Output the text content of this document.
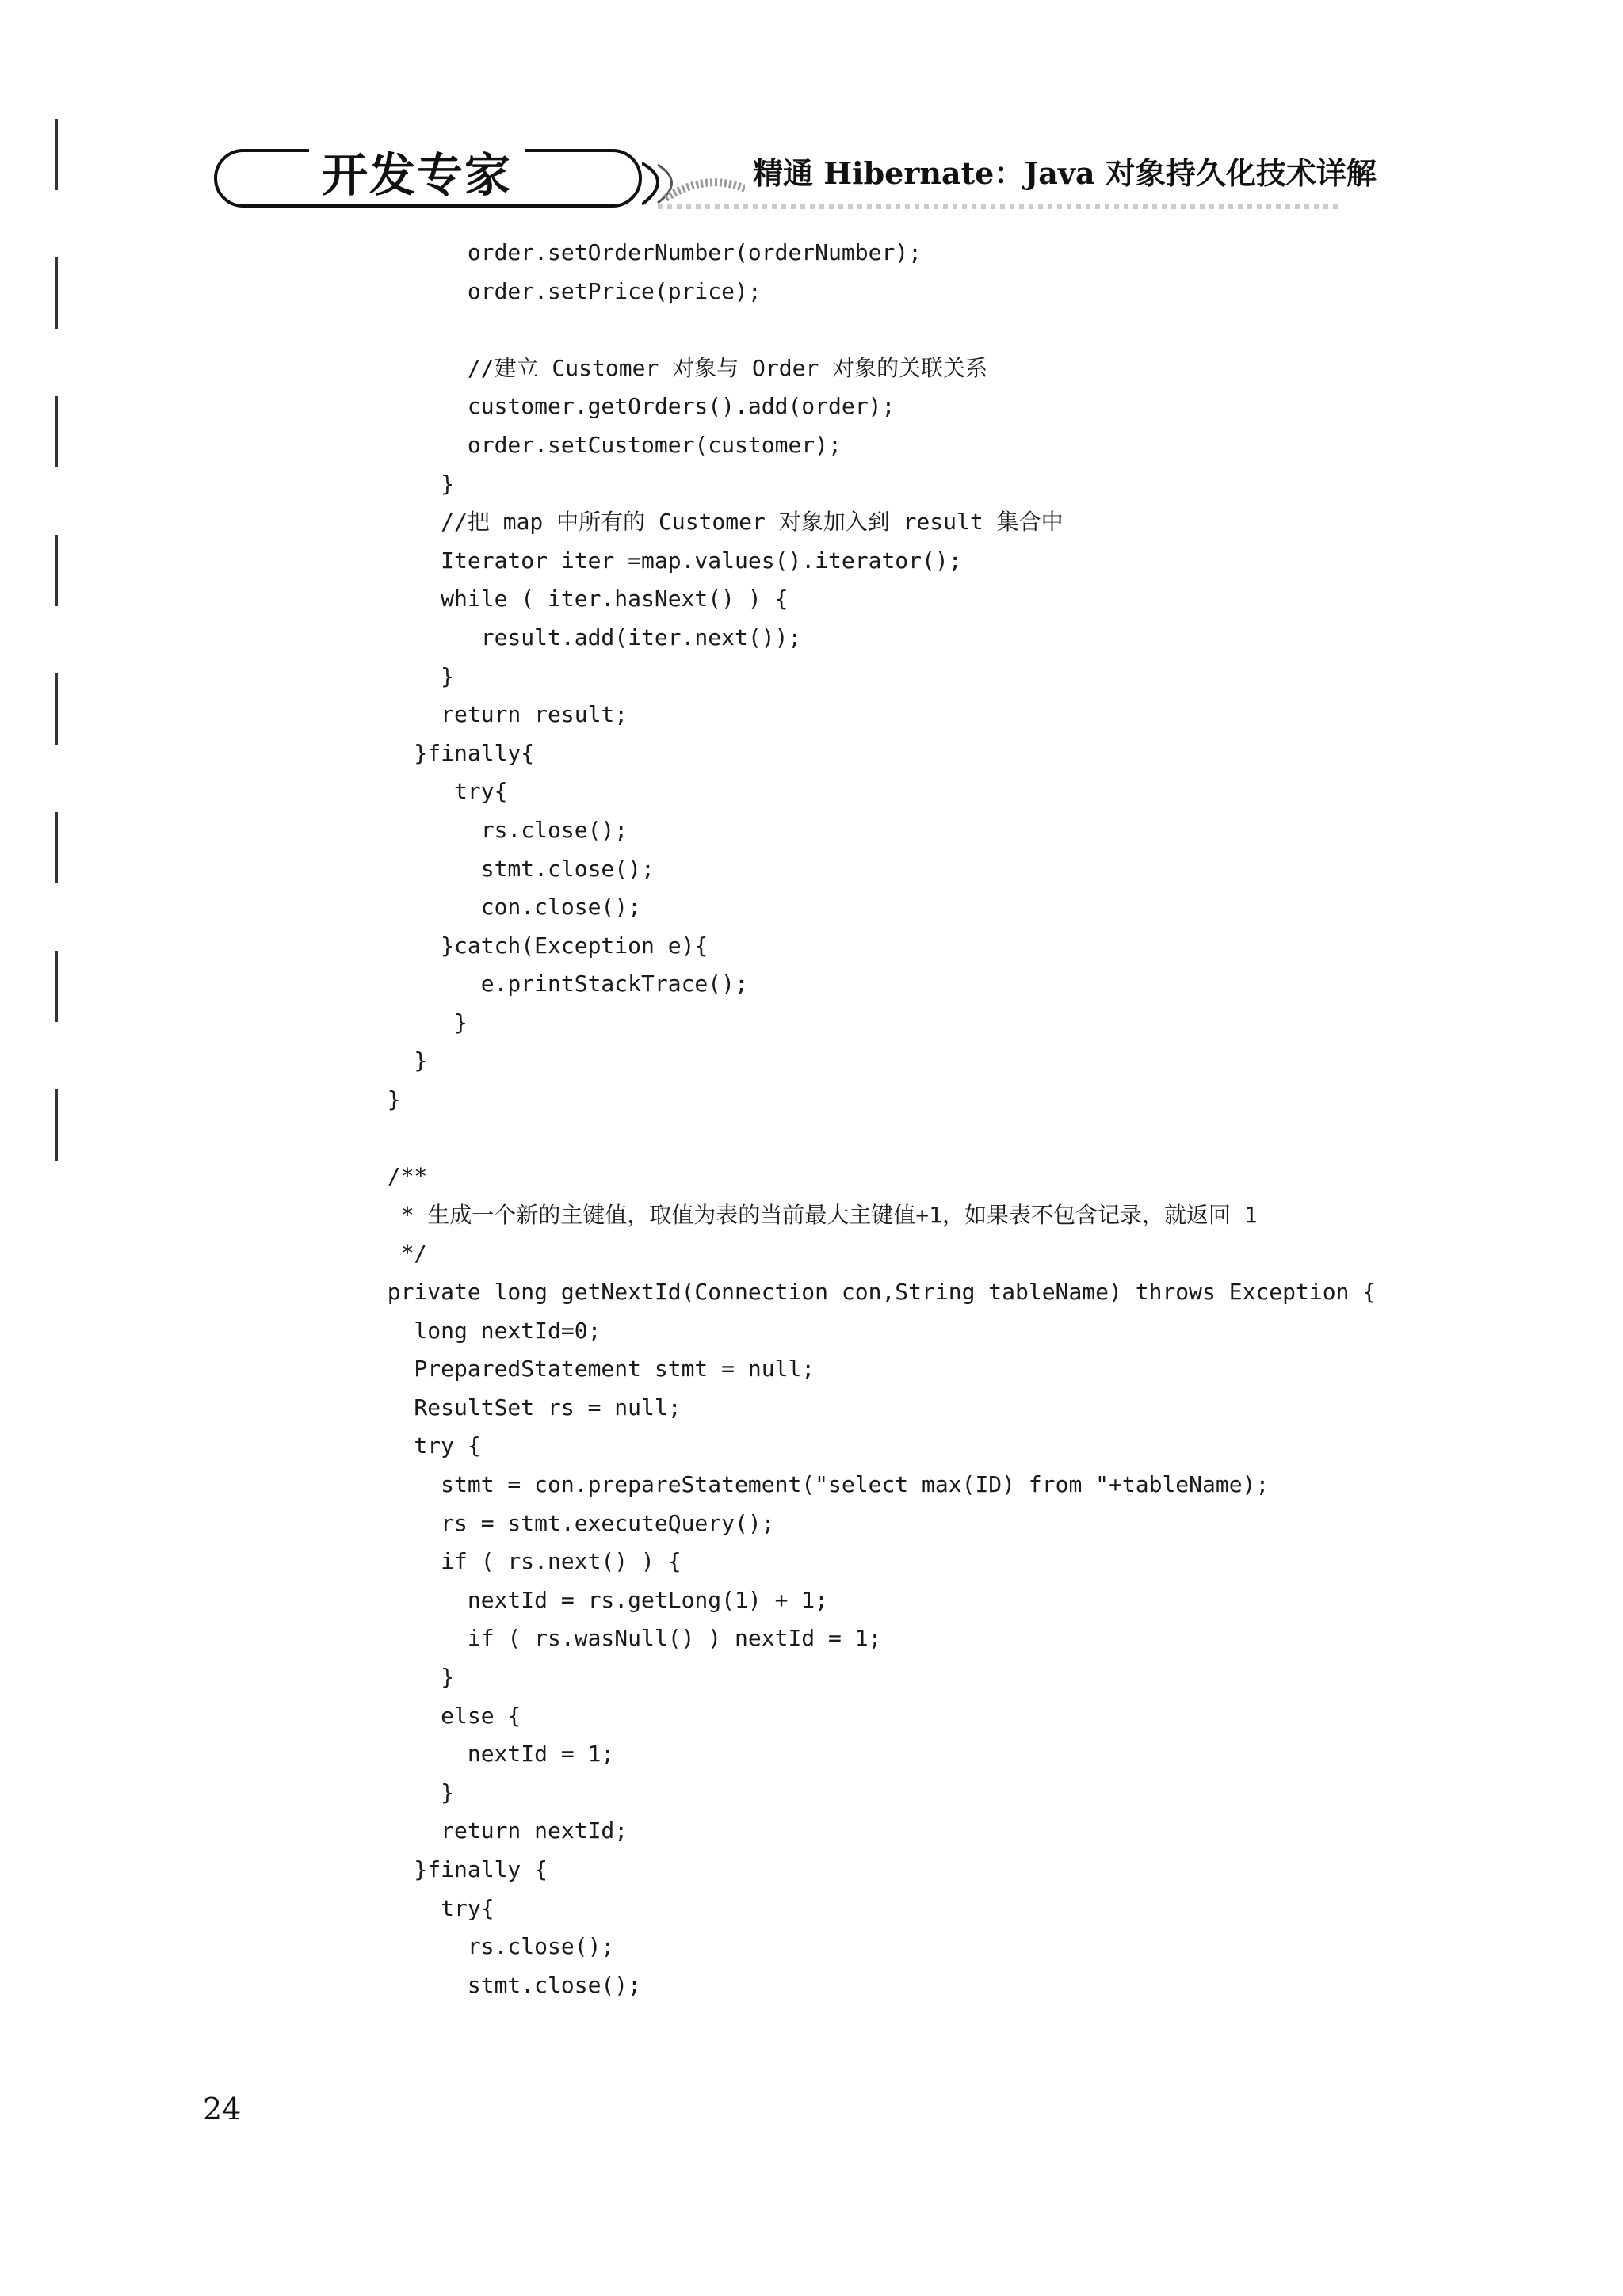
开发专家	精通 Hibernate：Java 对象持久化技术详解
order.setOrderNumber(orderNumber);
order.setPrice(price);

//建立 Customer 对象与 Order 对象的关联关系
customer.getOrders().add(order);
order.setCustomer(customer);
}
//把 map 中所有的 Customer 对象加入到 result 集合中
Iterator iter =map.values().iterator();
while ( iter.hasNext() ) {
result.add(iter.next());
}
return result;
}finally{
try{
rs.close();
stmt.close();
con.close();
}catch(Exception e){
e.printStackTrace();
}
}
}

/**
* 生成一个新的主键值，取值为表的当前最大主键值+1，如果表不包含记录，就返回 1
*/
private long getNextId(Connection con,String tableName) throws Exception {
long nextId=0;
PreparedStatement stmt = null;
ResultSet rs = null;
try {
stmt = con.prepareStatement("select max(ID) from "+tableName);
rs = stmt.executeQuery();
if ( rs.next() ) {
nextId = rs.getLong(1) + 1;
if ( rs.wasNull() ) nextId = 1;
}
else {
nextId = 1;
}
return nextId;
}finally {
try{
rs.close();
stmt.close();
24
